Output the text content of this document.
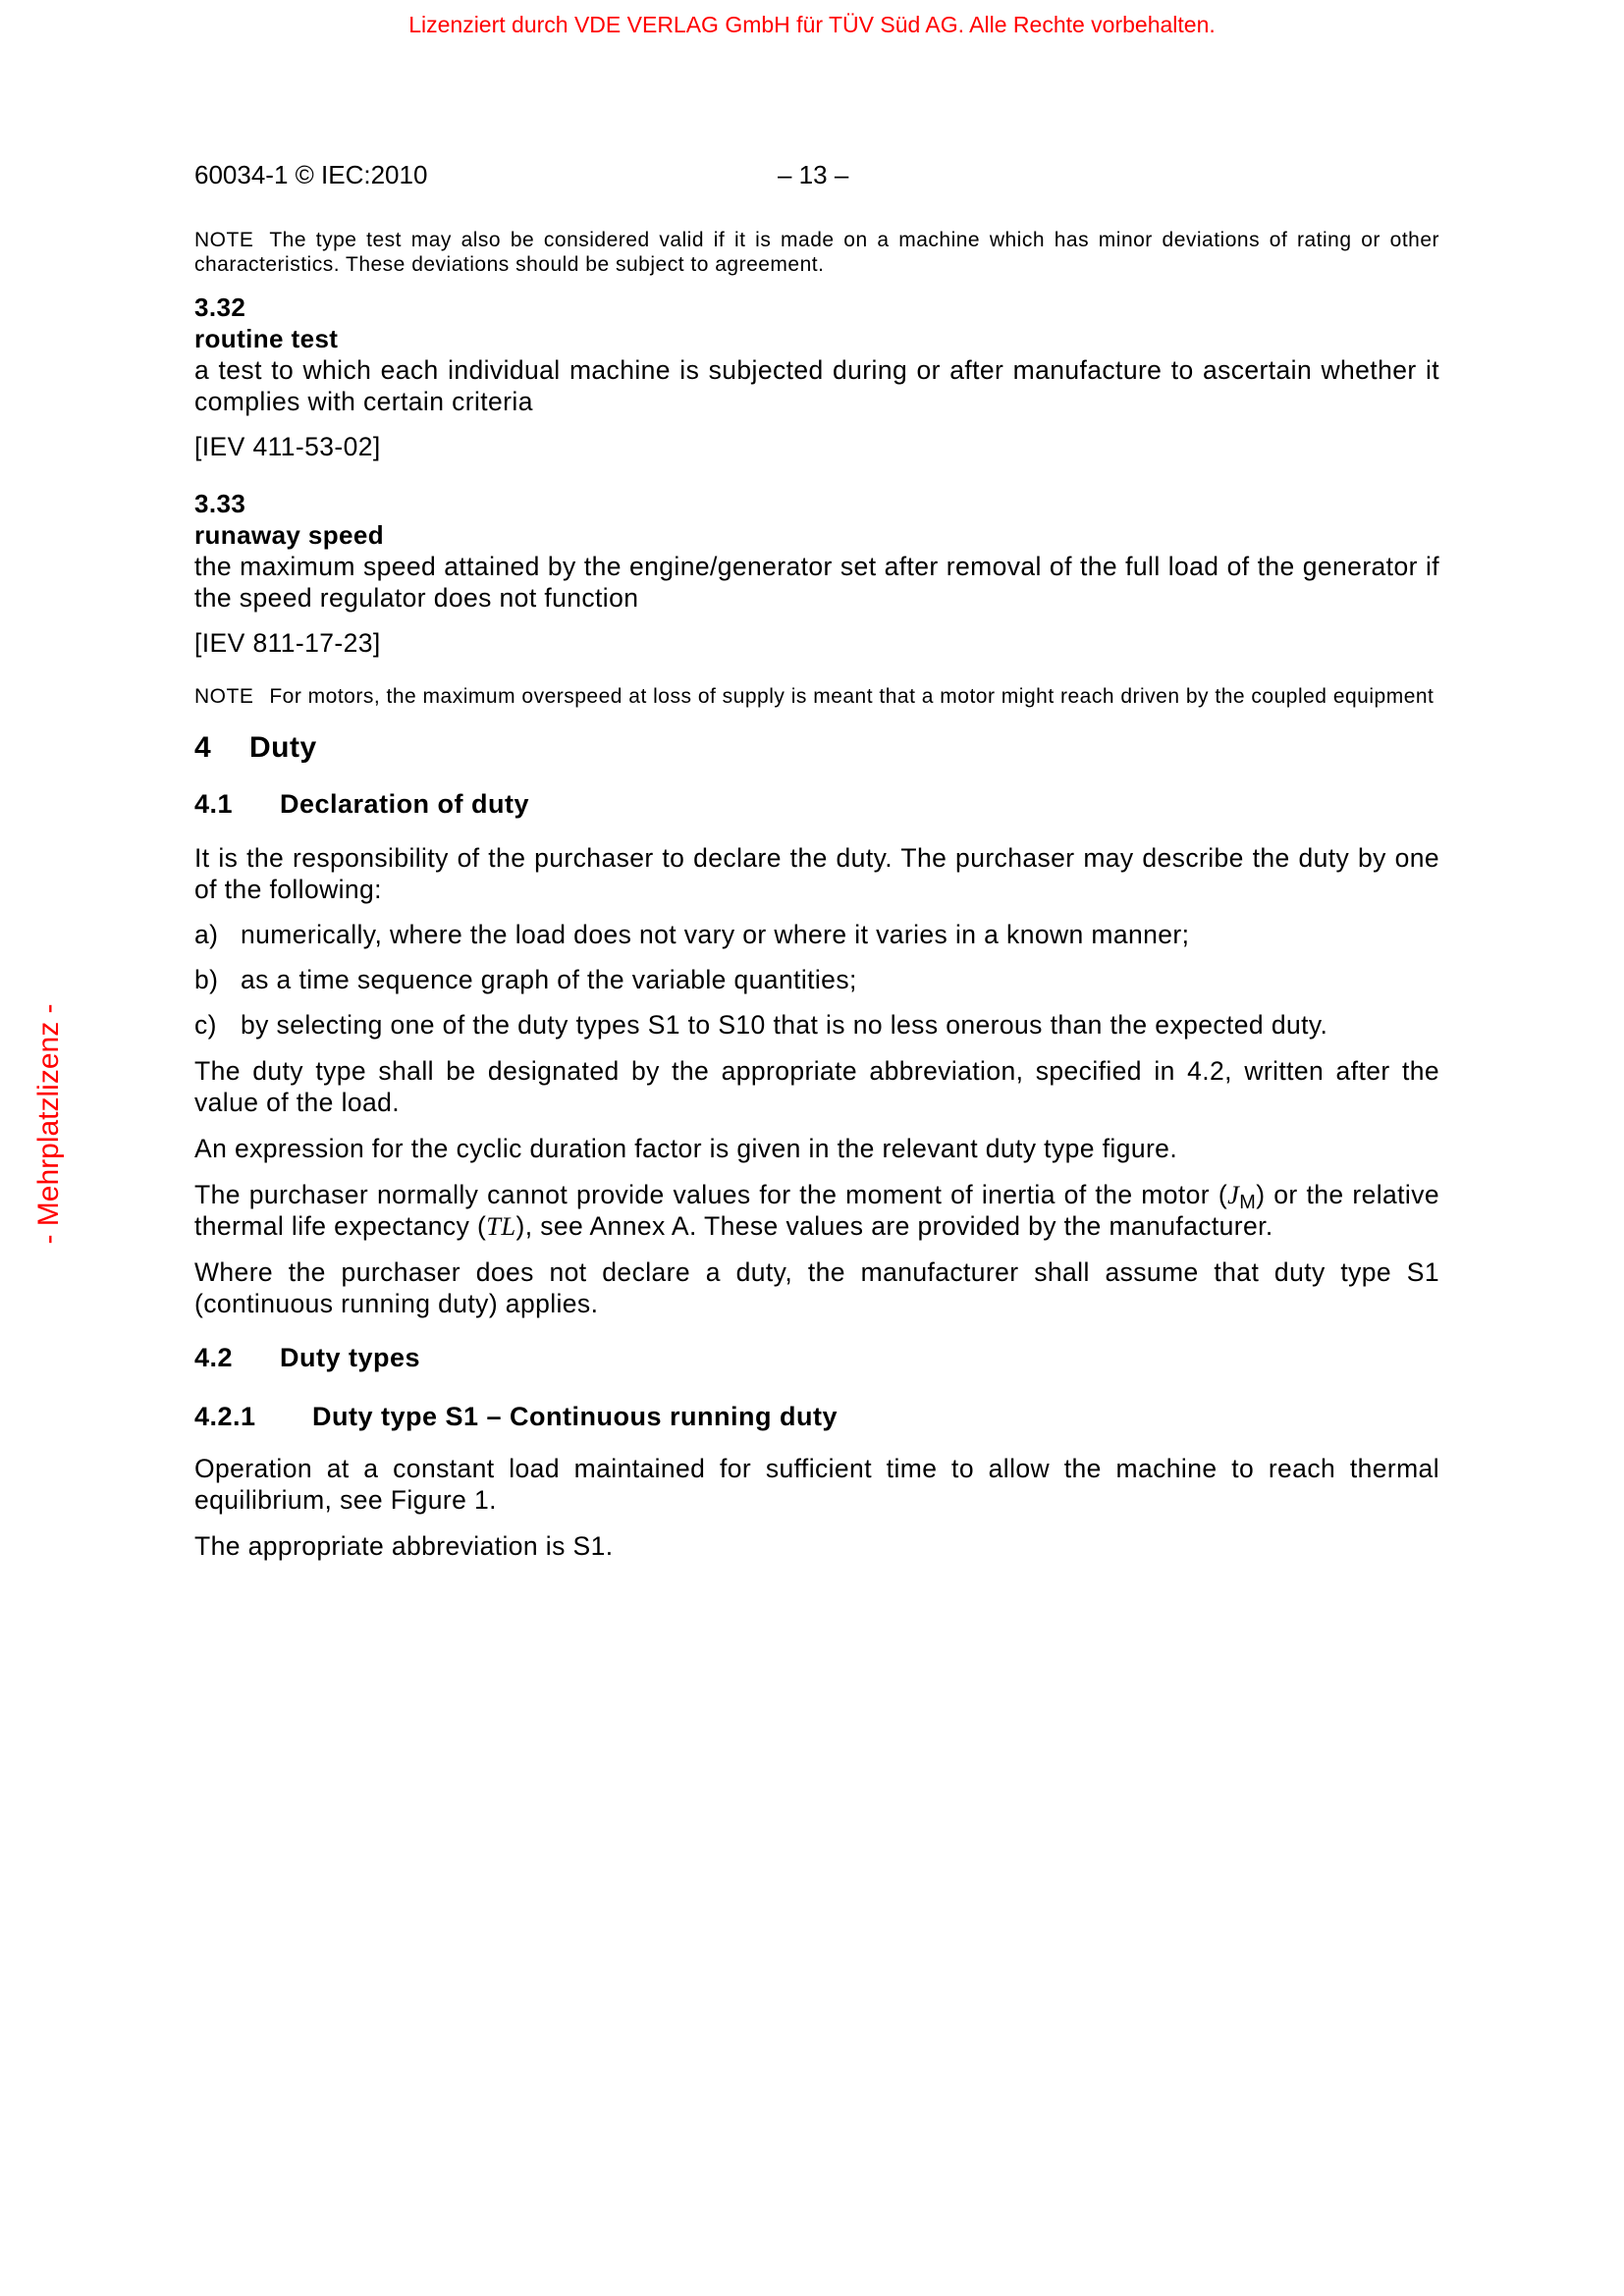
Lizenziert durch VDE VERLAG GmbH für TÜV Süd AG. Alle Rechte vorbehalten.
- Mehrplatzlizenz -
60034-1 © IEC:2010	– 13 –
NOTE The type test may also be considered valid if it is made on a machine which has minor deviations of rating or other characteristics. These deviations should be subject to agreement.
3.32
routine test
a test to which each individual machine is subjected during or after manufacture to ascertain whether it complies with certain criteria
[IEV 411-53-02]
3.33
runaway speed
the maximum speed attained by the engine/generator set after removal of the full load of the generator if the speed regulator does not function
[IEV 811-17-23]
NOTE For motors, the maximum overspeed at loss of supply is meant that a motor might reach driven by the coupled equipment
4 Duty
4.1 Declaration of duty
It is the responsibility of the purchaser to declare the duty. The purchaser may describe the duty by one of the following:
a) numerically, where the load does not vary or where it varies in a known manner;
b) as a time sequence graph of the variable quantities;
c) by selecting one of the duty types S1 to S10 that is no less onerous than the expected duty.
The duty type shall be designated by the appropriate abbreviation, specified in 4.2, written after the value of the load.
An expression for the cyclic duration factor is given in the relevant duty type figure.
The purchaser normally cannot provide values for the moment of inertia of the motor $(J_M)$ or the relative thermal life expectancy (TL), see Annex A. These values are provided by the manufacturer.
Where the purchaser does not declare a duty, the manufacturer shall assume that duty type S1 (continuous running duty) applies.
4.2 Duty types
4.2.1 Duty type S1 – Continuous running duty
Operation at a constant load maintained for sufficient time to allow the machine to reach thermal equilibrium, see Figure 1.
The appropriate abbreviation is S1.
